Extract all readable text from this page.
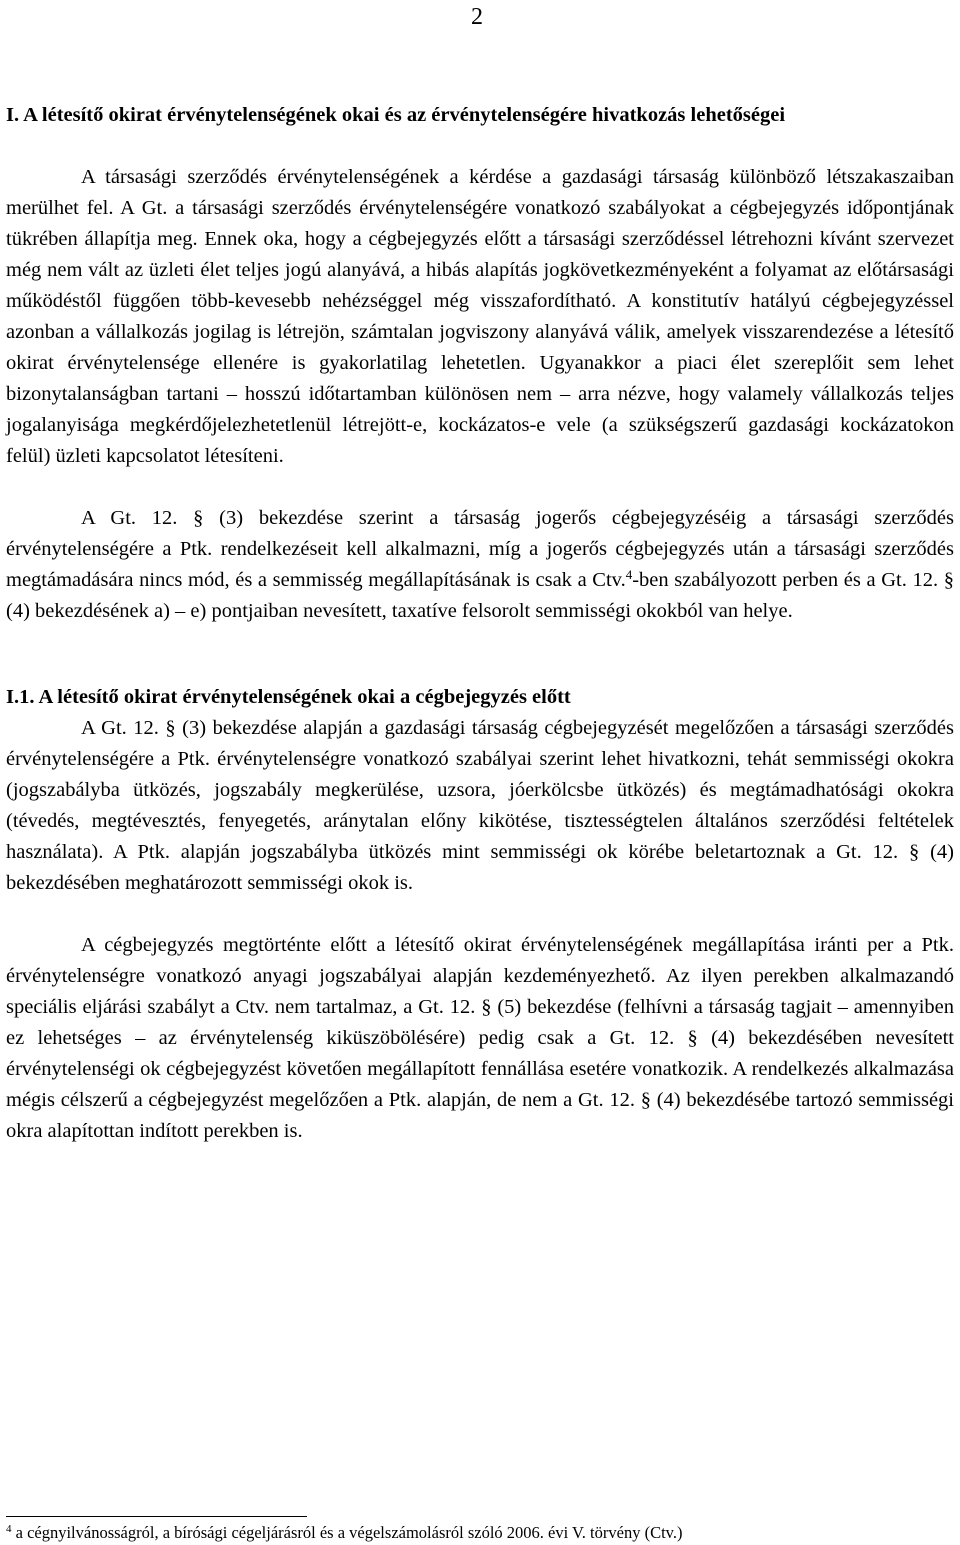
2
I. A létesítő okirat érvénytelenségének okai és az érvénytelenségére hivatkozás lehetőségei

A társasági szerződés érvénytelenségének a kérdése a gazdasági társaság különböző létszakaszaiban merülhet fel. A Gt. a társasági szerződés érvénytelenségére vonatkozó szabályokat a cégbejegyzés időpontjának tükrében állapítja meg. Ennek oka, hogy a cégbejegyzés előtt a társasági szerződéssel létrehozni kívánt szervezet még nem vált az üzleti élet teljes jogú alanyává, a hibás alapítás jogkövetkezményeként a folyamat az előtársasági működéstől függően több-kevesebb nehézséggel még visszafordítható. A konstitutív hatályú cégbejegyzéssel azonban a vállalkozás jogilag is létrejön, számtalan jogviszony alanyává válik, amelyek visszarendezése a létesítő okirat érvénytelensége ellenére is gyakorlatilag lehetetlen. Ugyanakkor a piaci élet szereplőit sem lehet bizonytalanságban tartani – hosszú időtartamban különösen nem – arra nézve, hogy valamely vállalkozás teljes jogalanyisága megkérdőjelezhetetlenül létrejött-e, kockázatos-e vele (a szükségszerű gazdasági kockázatokon felül) üzleti kapcsolatot létesíteni.

A Gt. 12. § (3) bekezdése szerint a társaság jogerős cégbejegyzéséig a társasági szerződés érvénytelenségére a Ptk. rendelkezéseit kell alkalmazni, míg a jogerős cégbejegyzés után a társasági szerződés megtámadására nincs mód, és a semmisség megállapításának is csak a Ctv.$^4$-ben szabályozott perben és a Gt. 12. § (4) bekezdésének a) – e) pontjaiban nevesített, taxatíve felsorolt semmisségi okokból van helye.

I.1. A létesítő okirat érvénytelenségének okai a cégbejegyzés előtt

A Gt. 12. § (3) bekezdése alapján a gazdasági társaság cégbejegyzését megelőzően a társasági szerződés érvénytelenségére a Ptk. érvénytelenségre vonatkozó szabályai szerint lehet hivatkozni, tehát semmisségi okokra (jogszabályba ütközés, jogszabály megkerülése, uzsora, jóerkölcsbe ütközés) és megtámadhatósági okokra (tévedés, megtévesztés, fenyegetés, aránytalan előny kikötése, tisztességtelen általános szerződési feltételek használata). A Ptk. alapján jogszabályba ütközés mint semmisségi ok körébe beletartoznak a Gt. 12. § (4) bekezdésében meghatározott semmisségi okok is.

A cégbejegyzés megtörténte előtt a létesítő okirat érvénytelenségének megállapítása iránti per a Ptk. érvénytelenségre vonatkozó anyagi jogszabályai alapján kezdeményezhető. Az ilyen perekben alkalmazandó speciális eljárási szabályt a Ctv. nem tartalmaz, a Gt. 12. § (5) bekezdése (felhívni a társaság tagjait – amennyiben ez lehetséges – az érvénytelenség kiküszöbölésére) pedig csak a Gt. 12. § (4) bekezdésében nevesített érvénytelenségi ok cégbejegyzést követően megállapított fennállása esetére vonatkozik. A rendelkezés alkalmazása mégis célszerű a cégbejegyzést megelőzően a Ptk. alapján, de nem a Gt. 12. § (4) bekezdésébe tartozó semmisségi okra alapítottan indított perekben is.

$^4$ a cégnyilvánosságról, a bírósági cégeljárásról és a végelszámolásról szóló 2006. évi V. törvény (Ctv.)
